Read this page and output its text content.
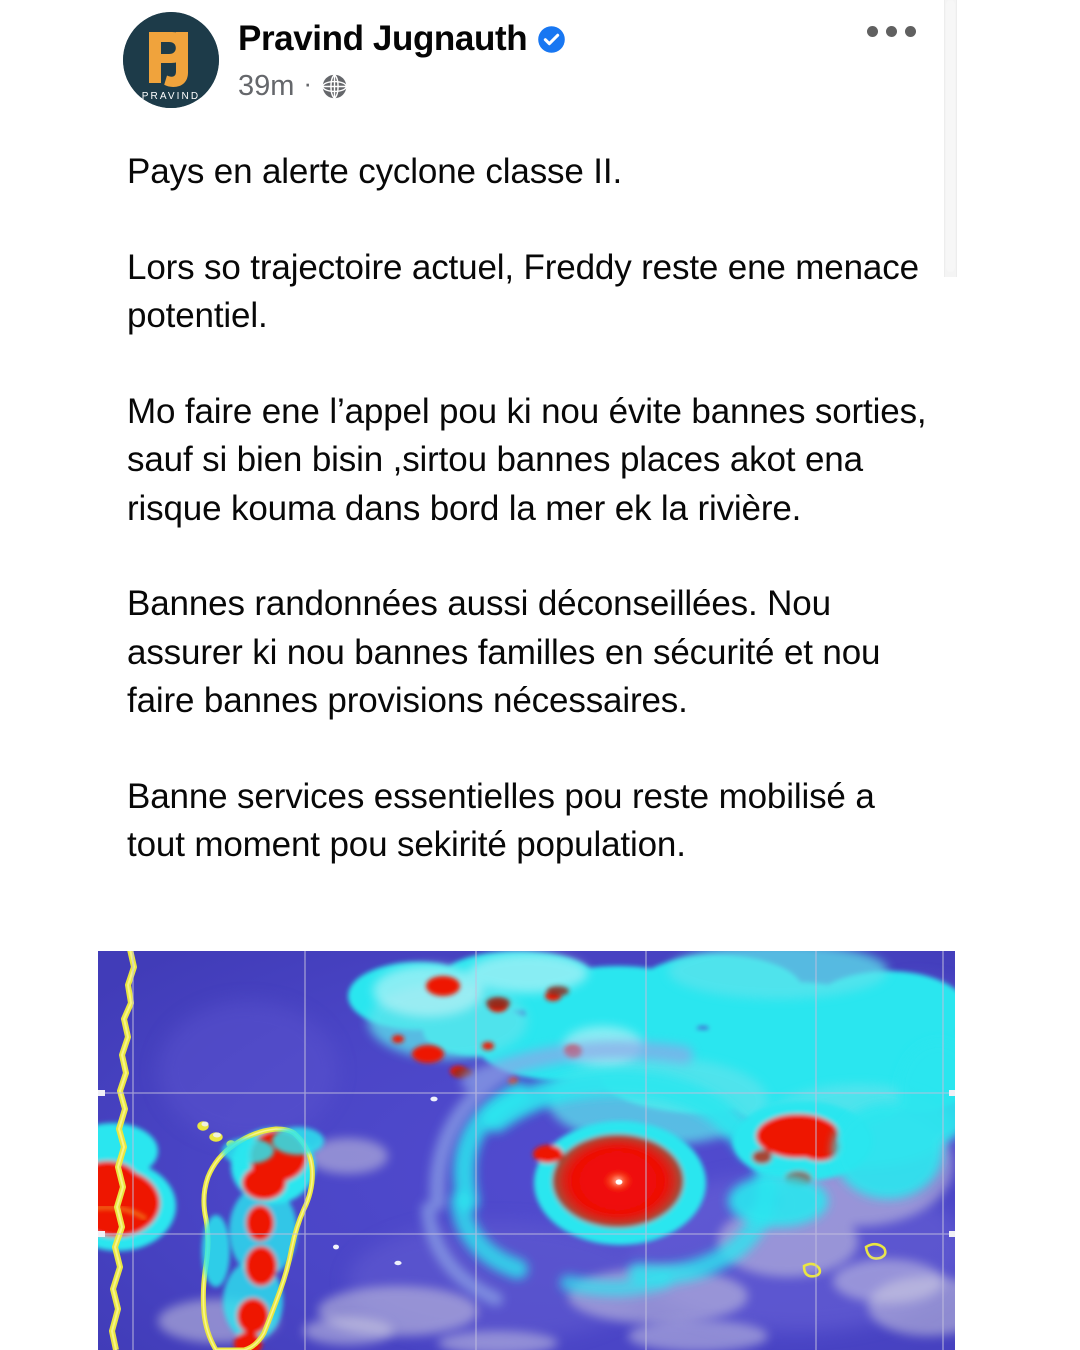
PRAVIND
Pravind Jugnauth
39m ·

Pays en alerte cyclone classe II.

Lors so trajectoire actuel, Freddy reste ene menace potentiel.

Mo faire ene l’appel pou ki nou évite bannes sorties, sauf si bien bisin ,sirtou bannes places akot ena risque kouma dans bord la mer ek la rivière.

Bannes randonnées aussi déconseillées. Nou assurer ki nou bannes familles en sécurité et nou faire bannes provisions nécessaires.

Banne services essentielles pou reste mobilisé a tout moment pou sekirité population.
